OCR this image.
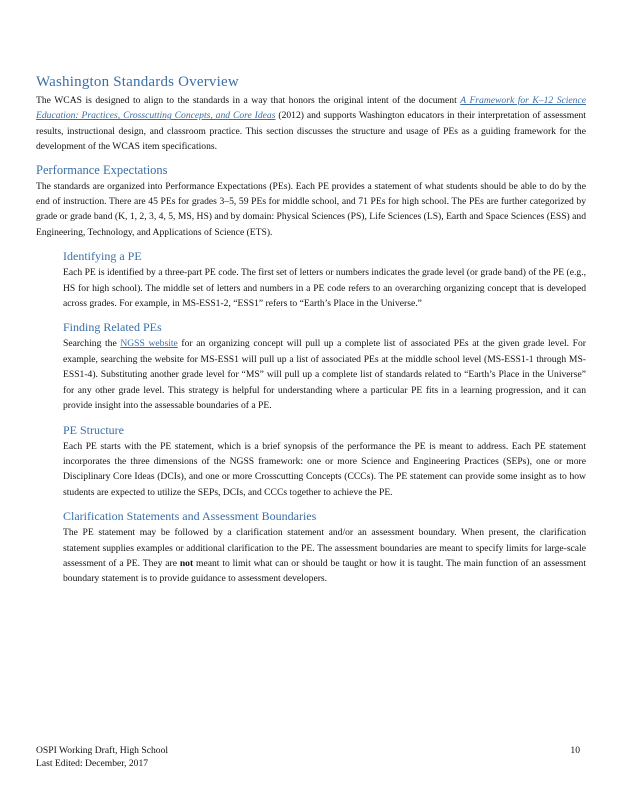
Washington Standards Overview

The WCAS is designed to align to the standards in a way that honors the original intent of the document A Framework for K–12 Science Education: Practices, Crosscutting Concepts, and Core Ideas (2012) and supports Washington educators in their interpretation of assessment results, instructional design, and classroom practice. This section discusses the structure and usage of PEs as a guiding framework for the development of the WCAS item specifications.

Performance Expectations

The standards are organized into Performance Expectations (PEs). Each PE provides a statement of what students should be able to do by the end of instruction. There are 45 PEs for grades 3–5, 59 PEs for middle school, and 71 PEs for high school. The PEs are further categorized by grade or grade band (K, 1, 2, 3, 4, 5, MS, HS) and by domain: Physical Sciences (PS), Life Sciences (LS), Earth and Space Sciences (ESS) and Engineering, Technology, and Applications of Science (ETS).

Identifying a PE

Each PE is identified by a three-part PE code. The first set of letters or numbers indicates the grade level (or grade band) of the PE (e.g., HS for high school). The middle set of letters and numbers in a PE code refers to an overarching organizing concept that is developed across grades. For example, in MS-ESS1-2, “ESS1” refers to “Earth’s Place in the Universe.”

Finding Related PEs

Searching the NGSS website for an organizing concept will pull up a complete list of associated PEs at the given grade level. For example, searching the website for MS-ESS1 will pull up a list of associated PEs at the middle school level (MS-ESS1-1 through MS-ESS1-4). Substituting another grade level for “MS” will pull up a complete list of standards related to “Earth’s Place in the Universe” for any other grade level. This strategy is helpful for understanding where a particular PE fits in a learning progression, and it can provide insight into the assessable boundaries of a PE.

PE Structure

Each PE starts with the PE statement, which is a brief synopsis of the performance the PE is meant to address. Each PE statement incorporates the three dimensions of the NGSS framework: one or more Science and Engineering Practices (SEPs), one or more Disciplinary Core Ideas (DCIs), and one or more Crosscutting Concepts (CCCs). The PE statement can provide some insight as to how students are expected to utilize the SEPs, DCIs, and CCCs together to achieve the PE.

Clarification Statements and Assessment Boundaries

The PE statement may be followed by a clarification statement and/or an assessment boundary. When present, the clarification statement supplies examples or additional clarification to the PE. The assessment boundaries are meant to specify limits for large-scale assessment of a PE. They are not meant to limit what can or should be taught or how it is taught. The main function of an assessment boundary statement is to provide guidance to assessment developers.

OSPI Working Draft, High School
Last Edited: December, 2017
10
